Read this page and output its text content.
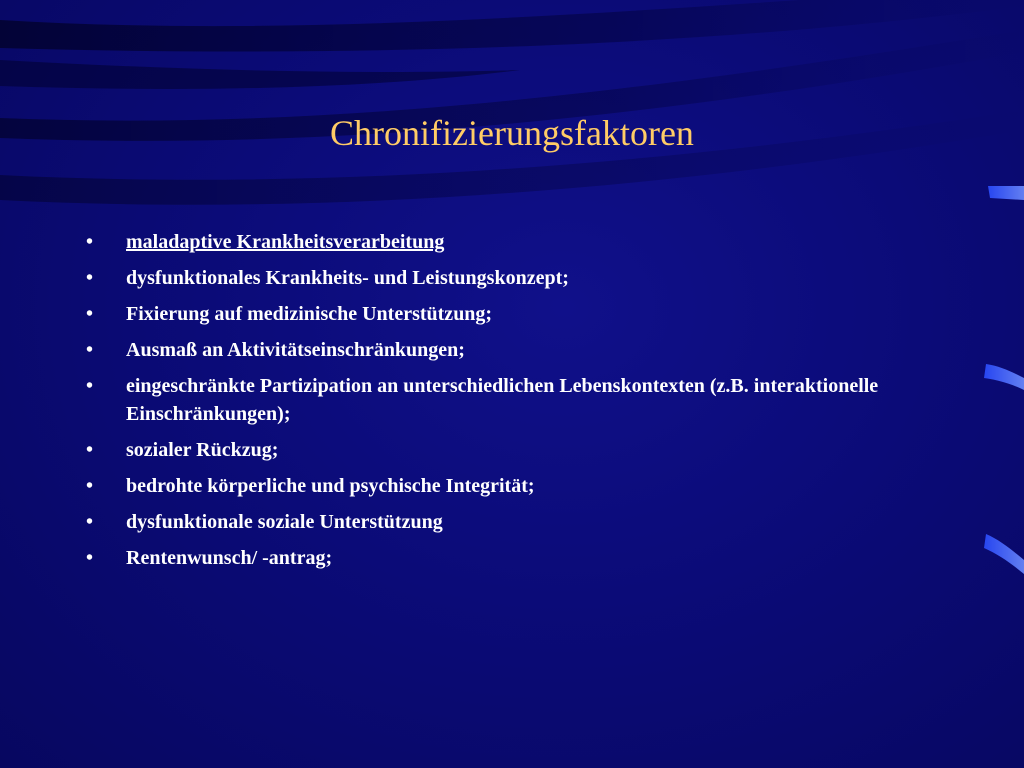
Chronifizierungsfaktoren
• maladaptive Krankheitsverarbeitung
• dysfunktionales Krankheits- und Leistungskonzept;
• Fixierung auf medizinische Unterstützung;
• Ausmaß an Aktivitätseinschränkungen;
• eingeschränkte Partizipation an unterschiedlichen Lebenskontexten (z.B. interaktionelle Einschränkungen);
• sozialer Rückzug;
• bedrohte körperliche und psychische Integrität;
• dysfunktionale soziale Unterstützung
• Rentenwunsch/ -antrag;
